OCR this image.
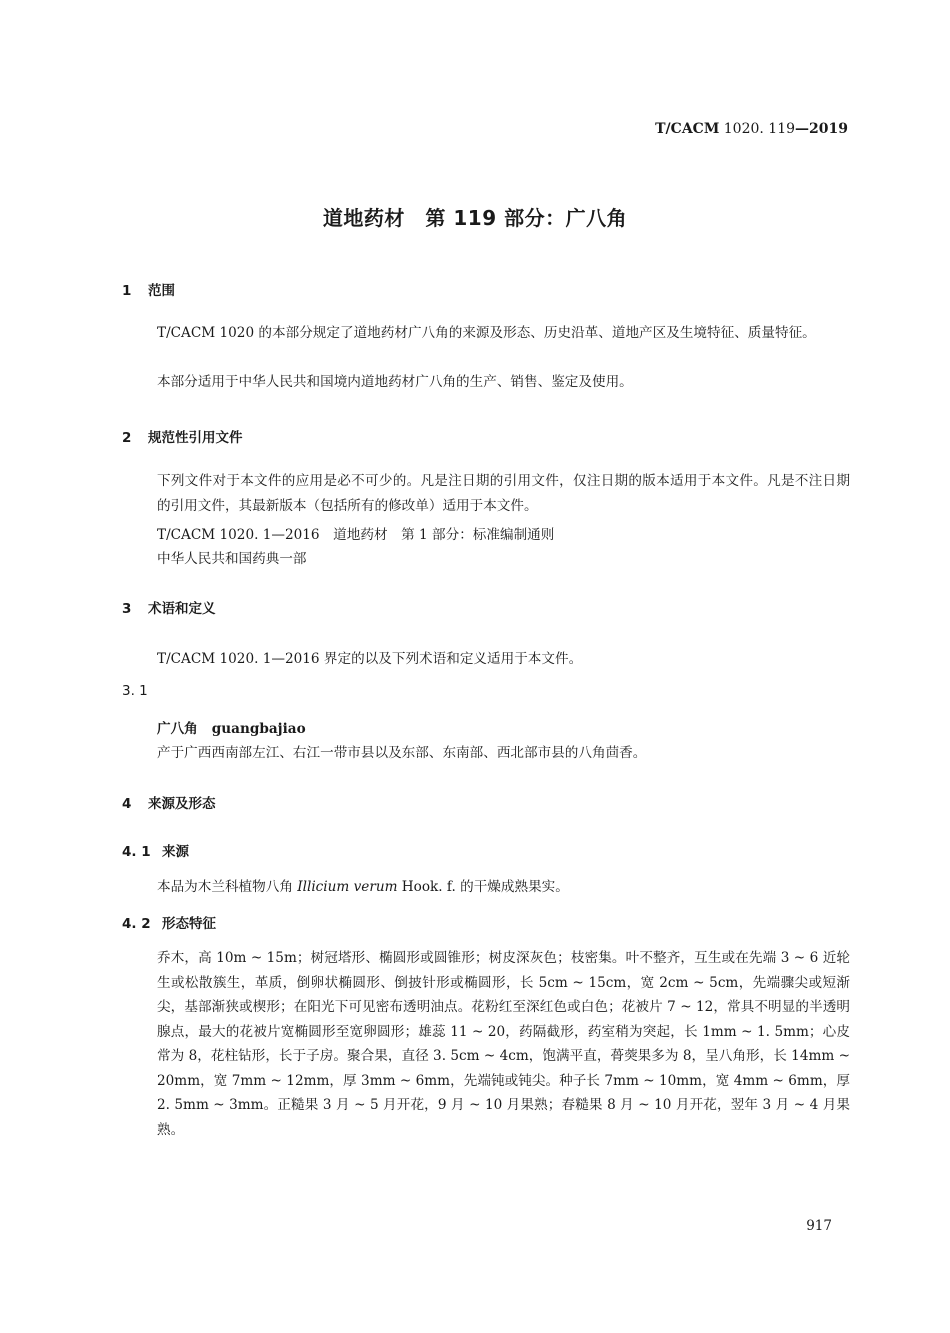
T/CACM 1020. 119—2019
道地药材　第 119 部分：广八角
1 范围
T/CACM 1020 的本部分规定了道地药材广八角的来源及形态、历史沿革、道地产区及生境特征、质量特征。
本部分适用于中华人民共和国境内道地药材广八角的生产、销售、鉴定及使用。
2 规范性引用文件
下列文件对于本文件的应用是必不可少的。凡是注日期的引用文件，仅注日期的版本适用于本文件。凡是不注日期的引用文件，其最新版本（包括所有的修改单）适用于本文件。
T/CACM 1020. 1—2016　道地药材　第 1 部分：标准编制通则
中华人民共和国药典一部
3 术语和定义
T/CACM 1020. 1—2016 界定的以及下列术语和定义适用于本文件。
3. 1
广八角 guangbajiao
产于广西西南部左江、右江一带市县以及东部、东南部、西北部市县的八角茴香。
4 来源及形态
4. 1 来源
本品为木兰科植物八角 Illicium verum Hook. f. 的干燥成熟果实。
4. 2 形态特征
乔木，高 10m ~ 15m；树冠塔形、椭圆形或圆锥形；树皮深灰色；枝密集。叶不整齐，互生或在先端 3 ~ 6 近轮生或松散簇生，革质，倒卵状椭圆形、倒披针形或椭圆形，长 5cm ~ 15cm，宽 2cm ~ 5cm，先端骤尖或短渐尖，基部渐狭或楔形；在阳光下可见密布透明油点。花粉红至深红色或白色；花被片 7 ~ 12，常具不明显的半透明腺点，最大的花被片宽椭圆形至宽卵圆形；雄蕊 11 ~ 20，药隔截形，药室稍为突起，长 1mm ~ 1. 5mm；心皮常为 8，花柱钻形，长于子房。聚合果，直径 3. 5cm ~ 4cm，饱满平直，蓇葖果多为 8，呈八角形，长 14mm ~ 20mm，宽 7mm ~ 12mm，厚 3mm ~ 6mm，先端钝或钝尖。种子长 7mm ~ 10mm，宽 4mm ~ 6mm，厚 2. 5mm ~ 3mm。正糙果 3 月 ~ 5 月开花，9 月 ~ 10 月果熟；春糙果 8 月 ~ 10 月开花，翌年 3 月 ~ 4 月果熟。
917
